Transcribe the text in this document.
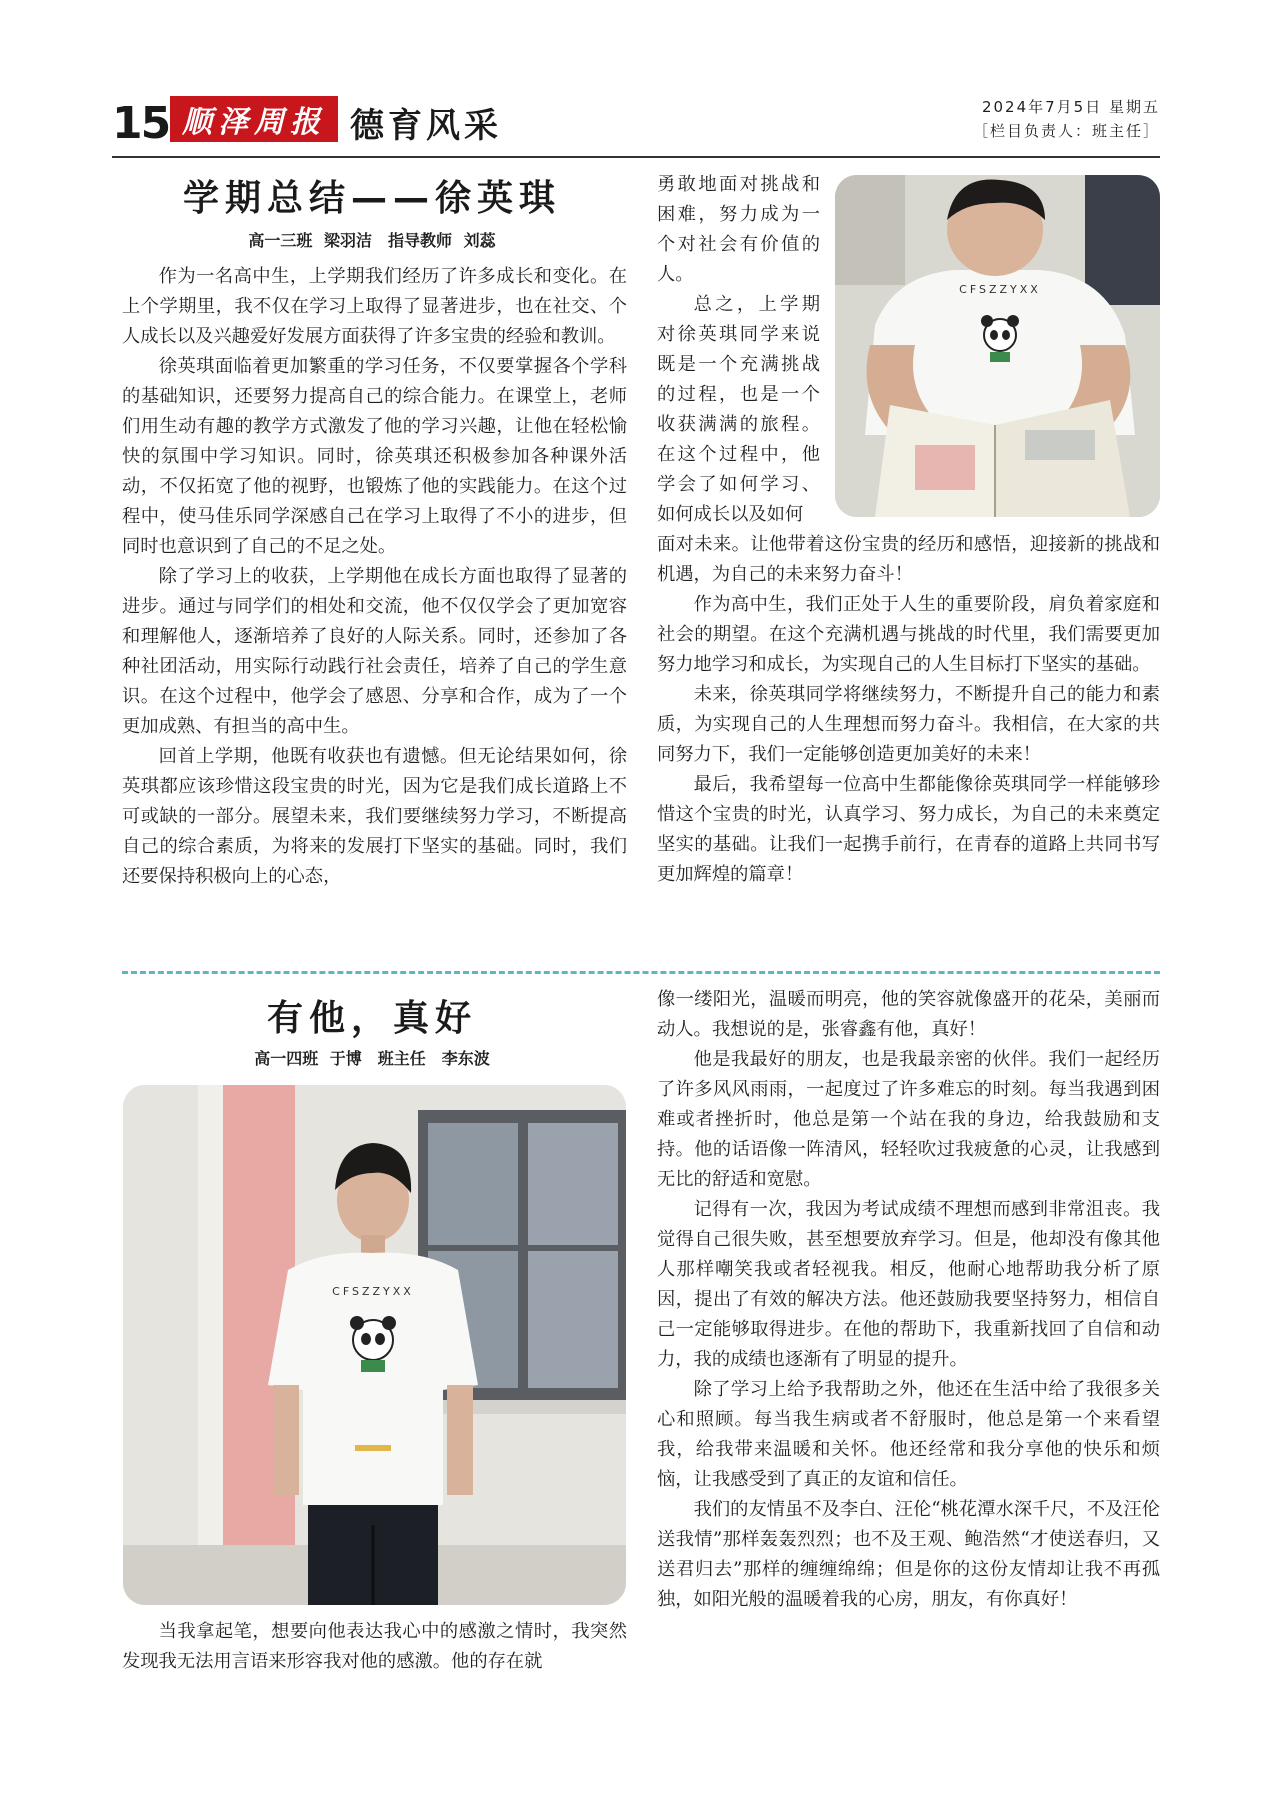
15 顺泽周报 德育风采	2024年7月5日 星期五
［栏目负责人：班主任］
学期总结——徐英琪
高一三班 梁羽洁　指导教师 刘蕊

作为一名高中生，上学期我们经历了许多成长和变化。在上个学期里，我不仅在学习上取得了显著进步，也在社交、个人成长以及兴趣爱好发展方面获得了许多宝贵的经验和教训。

徐英琪面临着更加繁重的学习任务，不仅要掌握各个学科的基础知识，还要努力提高自己的综合能力。在课堂上，老师们用生动有趣的教学方式激发了他的学习兴趣，让他在轻松愉快的氛围中学习知识。同时，徐英琪还积极参加各种课外活动，不仅拓宽了他的视野，也锻炼了他的实践能力。在这个过程中，使马佳乐同学深感自己在学习上取得了不小的进步，但同时也意识到了自己的不足之处。

除了学习上的收获，上学期他在成长方面也取得了显著的进步。通过与同学们的相处和交流，他不仅仅学会了更加宽容和理解他人，逐渐培养了良好的人际关系。同时，还参加了各种社团活动，用实际行动践行社会责任，培养了自己的学生意识。在这个过程中，他学会了感恩、分享和合作，成为了一个更加成熟、有担当的高中生。

回首上学期，他既有收获也有遗憾。但无论结果如何，徐英琪都应该珍惜这段宝贵的时光，因为它是我们成长道路上不可或缺的一部分。展望未来，我们要继续努力学习，不断提高自己的综合素质，为将来的发展打下坚实的基础。同时，我们还要保持积极向上的心态，

勇敢地面对挑战和困难，努力成为一个对社会有价值的人。

总之，上学期对徐英琪同学来说既是一个充满挑战的过程，也是一个收获满满的旅程。在这个过程中，他学会了如何学习、如何成长以及如何

CFSZZYXX

面对未来。让他带着这份宝贵的经历和感悟，迎接新的挑战和机遇，为自己的未来努力奋斗！

作为高中生，我们正处于人生的重要阶段，肩负着家庭和社会的期望。在这个充满机遇与挑战的时代里，我们需要更加努力地学习和成长，为实现自己的人生目标打下坚实的基础。

未来，徐英琪同学将继续努力，不断提升自己的能力和素质，为实现自己的人生理想而努力奋斗。我相信，在大家的共同努力下，我们一定能够创造更加美好的未来！

最后，我希望每一位高中生都能像徐英琪同学一样能够珍惜这个宝贵的时光，认真学习、努力成长，为自己的未来奠定坚实的基础。让我们一起携手前行，在青春的道路上共同书写更加辉煌的篇章！

有他，真好
高一四班 于博　班主任　李东波
CFSZZYXX

当我拿起笔，想要向他表达我心中的感激之情时，我突然发现我无法用言语来形容我对他的感激。他的存在就

像一缕阳光，温暖而明亮，他的笑容就像盛开的花朵，美丽而动人。我想说的是，张睿鑫有他，真好！

他是我最好的朋友，也是我最亲密的伙伴。我们一起经历了许多风风雨雨，一起度过了许多难忘的时刻。每当我遇到困难或者挫折时，他总是第一个站在我的身边，给我鼓励和支持。他的话语像一阵清风，轻轻吹过我疲惫的心灵，让我感到无比的舒适和宽慰。

记得有一次，我因为考试成绩不理想而感到非常沮丧。我觉得自己很失败，甚至想要放弃学习。但是，他却没有像其他人那样嘲笑我或者轻视我。相反，他耐心地帮助我分析了原因，提出了有效的解决方法。他还鼓励我要坚持努力，相信自己一定能够取得进步。在他的帮助下，我重新找回了自信和动力，我的成绩也逐渐有了明显的提升。

除了学习上给予我帮助之外，他还在生活中给了我很多关心和照顾。每当我生病或者不舒服时，他总是第一个来看望我，给我带来温暖和关怀。他还经常和我分享他的快乐和烦恼，让我感受到了真正的友谊和信任。

我们的友情虽不及李白、汪伦“桃花潭水深千尺，不及汪伦送我情”那样轰轰烈烈；也不及王观、鲍浩然“才使送春归，又送君归去”那样的缠缠绵绵；但是你的这份友情却让我不再孤独，如阳光般的温暖着我的心房，朋友，有你真好！
